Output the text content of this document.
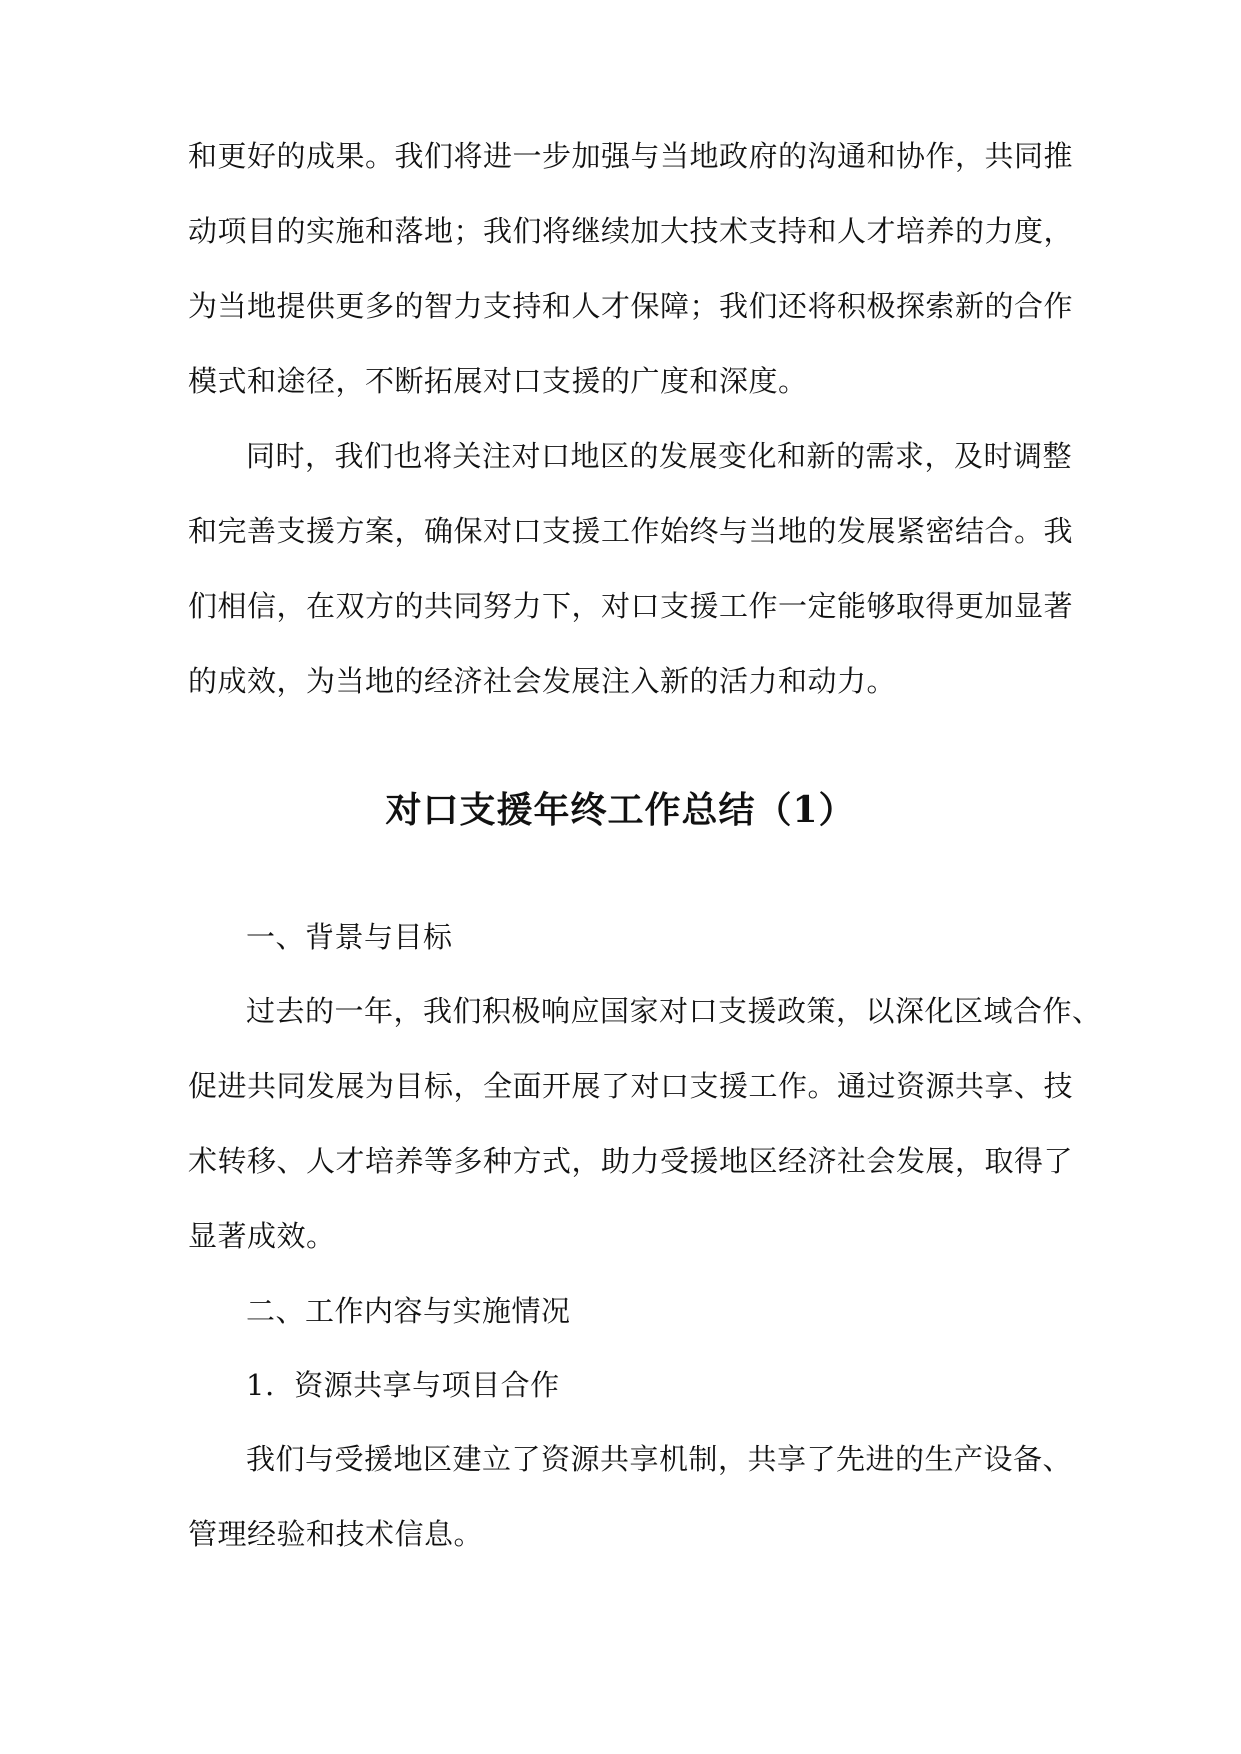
和更好的成果。我们将进一步加强与当地政府的沟通和协作，共同推
动项目的实施和落地；我们将继续加大技术支持和人才培养的力度，
为当地提供更多的智力支持和人才保障；我们还将积极探索新的合作
模式和途径，不断拓展对口支援的广度和深度。
同时，我们也将关注对口地区的发展变化和新的需求，及时调整
和完善支援方案，确保对口支援工作始终与当地的发展紧密结合。我
们相信，在双方的共同努力下，对口支援工作一定能够取得更加显著
的成效，为当地的经济社会发展注入新的活力和动力。
对口支援年终工作总结（1）
一、背景与目标
过去的一年，我们积极响应国家对口支援政策，以深化区域合作、
促进共同发展为目标，全面开展了对口支援工作。通过资源共享、技
术转移、人才培养等多种方式，助力受援地区经济社会发展，取得了
显著成效。
二、工作内容与实施情况
1.  资源共享与项目合作
我们与受援地区建立了资源共享机制，共享了先进的生产设备、
管理经验和技术信息。
